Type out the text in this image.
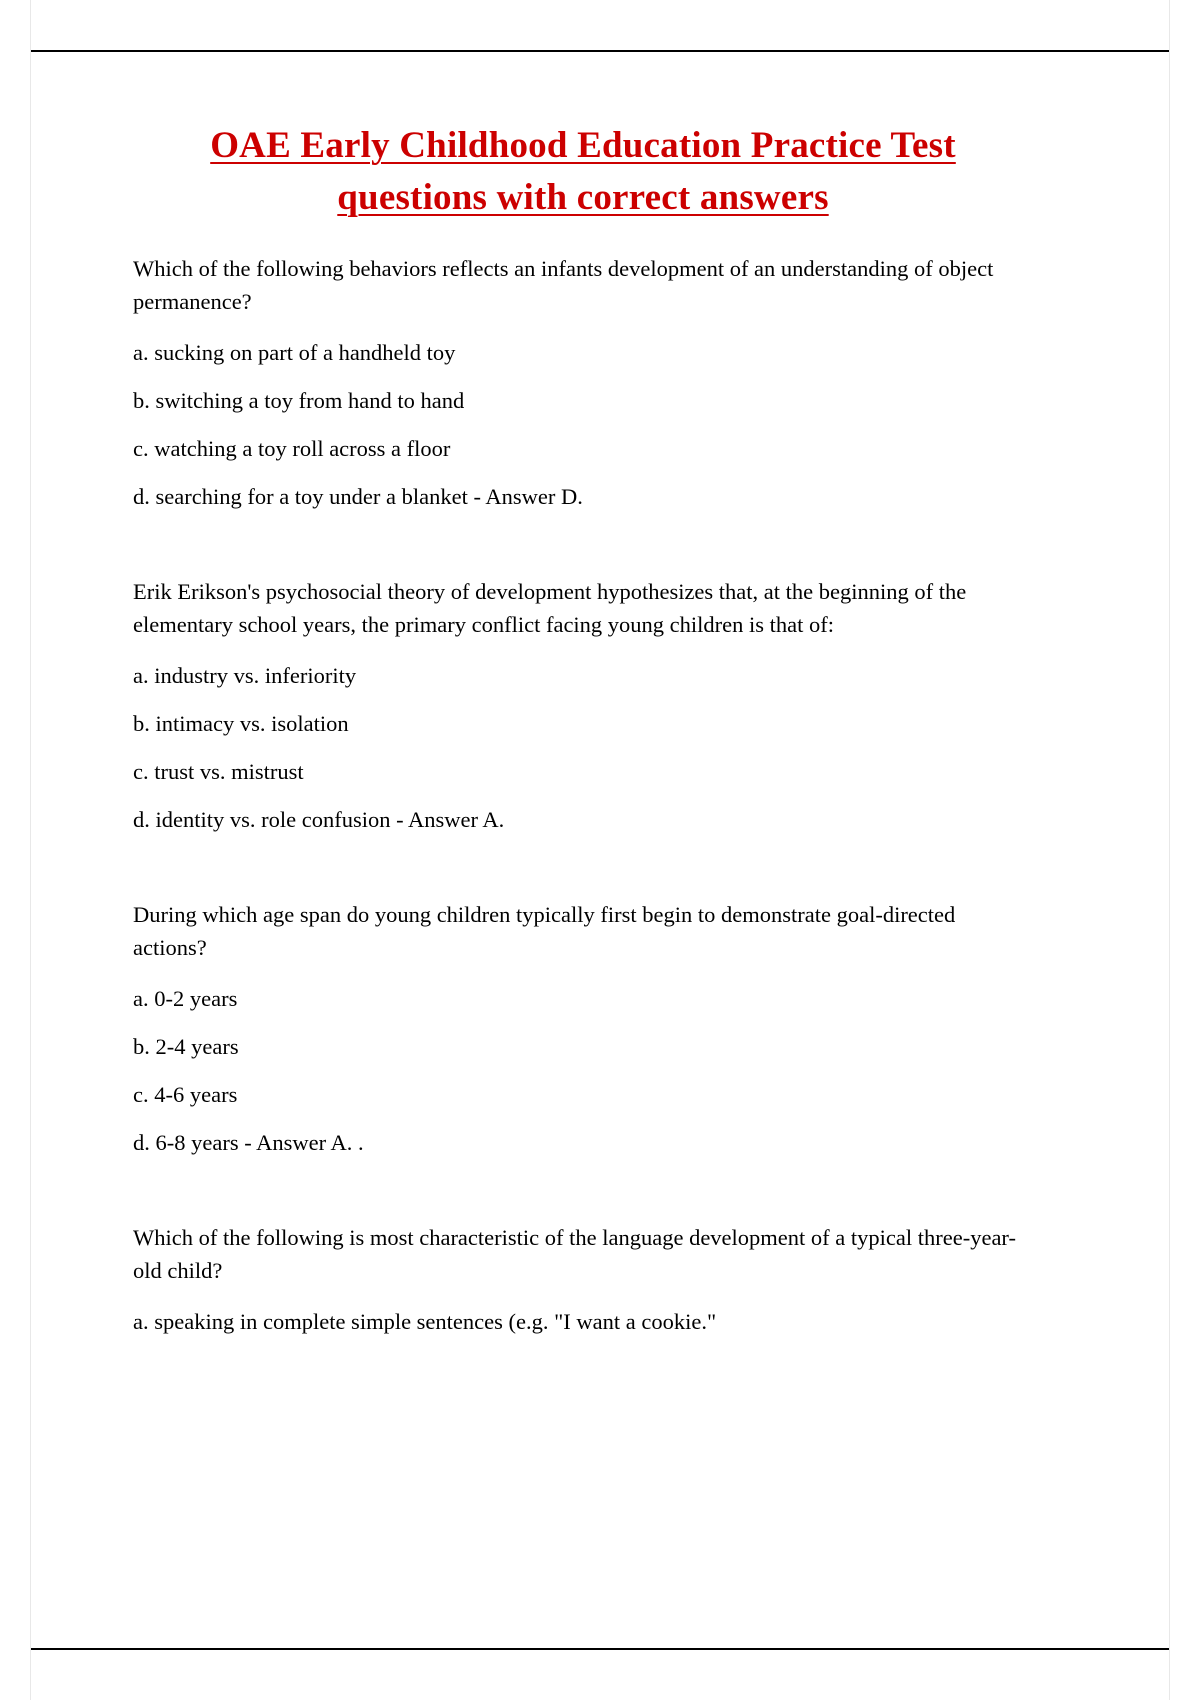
OAE Early Childhood Education Practice Test questions with correct answers

Which of the following behaviors reflects an infants development of an understanding of object permanence?

a. sucking on part of a handheld toy

b. switching a toy from hand to hand

c. watching a toy roll across a floor

d. searching for a toy under a blanket - Answer D.

Erik Erikson's psychosocial theory of development hypothesizes that, at the beginning of the elementary school years, the primary conflict facing young children is that of:

a. industry vs. inferiority

b. intimacy vs. isolation

c. trust vs. mistrust

d. identity vs. role confusion - Answer A.

During which age span do young children typically first begin to demonstrate goal-directed actions?

a. 0-2 years

b. 2-4 years

c. 4-6 years

d. 6-8 years - Answer A. .

Which of the following is most characteristic of the language development of a typical three-year-old child?

a. speaking in complete simple sentences (e.g. "I want a cookie."
